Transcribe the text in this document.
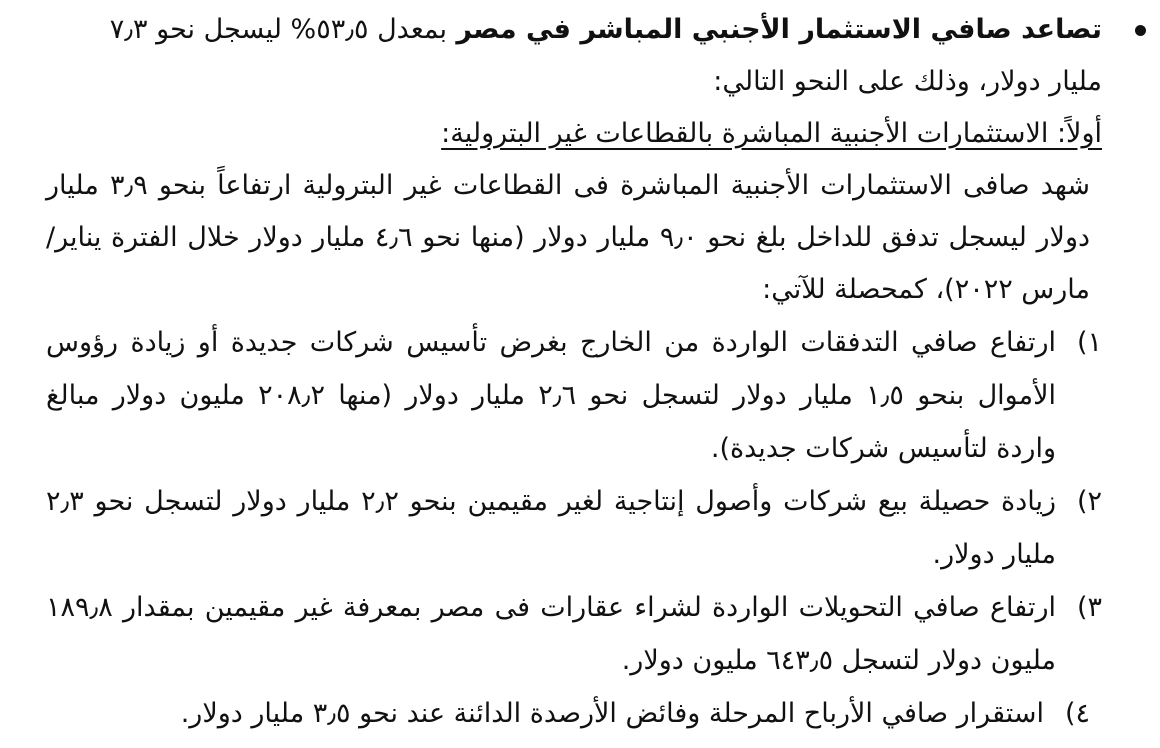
تصاعد صافي الاستثمار الأجنبي المباشر في مصر بمعدل ٥٣٫٥% ليسجل نحو ٧٫٣

مليار دولار، وذلك على النحو التالي:

أولاً: الاستثمارات الأجنبية المباشرة بالقطاعات غير البترولية:

شهد صافى الاستثمارات الأجنبية المباشرة فى القطاعات غير البترولية ارتفاعاً بنحو ٣٫٩ مليار دولار ليسجل تدفق للداخل بلغ نحو ٩٫٠ مليار دولار (منها نحو ٤٫٦ مليار دولار خلال الفترة يناير/مارس ٢٠٢٢)، كمحصلة للآتي:

١)
ارتفاع صافي التدفقات الواردة من الخارج بغرض تأسيس شركات جديدة أو زيادة رؤوس الأموال بنحو ١٫٥ مليار دولار لتسجل نحو ٢٫٦ مليار دولار (منها ٢٠٨٫٢ مليون دولار مبالغ واردة لتأسيس شركات جديدة).
٢)
زيادة حصيلة بيع شركات وأصول إنتاجية لغير مقيمين بنحو ٢٫٢ مليار دولار لتسجل نحو ٢٫٣ مليار دولار.
٣)
ارتفاع صافي التحويلات الواردة لشراء عقارات فى مصر بمعرفة غير مقيمين بمقدار ١٨٩٫٨ مليون دولار لتسجل ٦٤٣٫٥ مليون دولار.
٤)
استقرار صافي الأرباح المرحلة وفائض الأرصدة الدائنة عند نحو ٣٫٥ مليار دولار.
